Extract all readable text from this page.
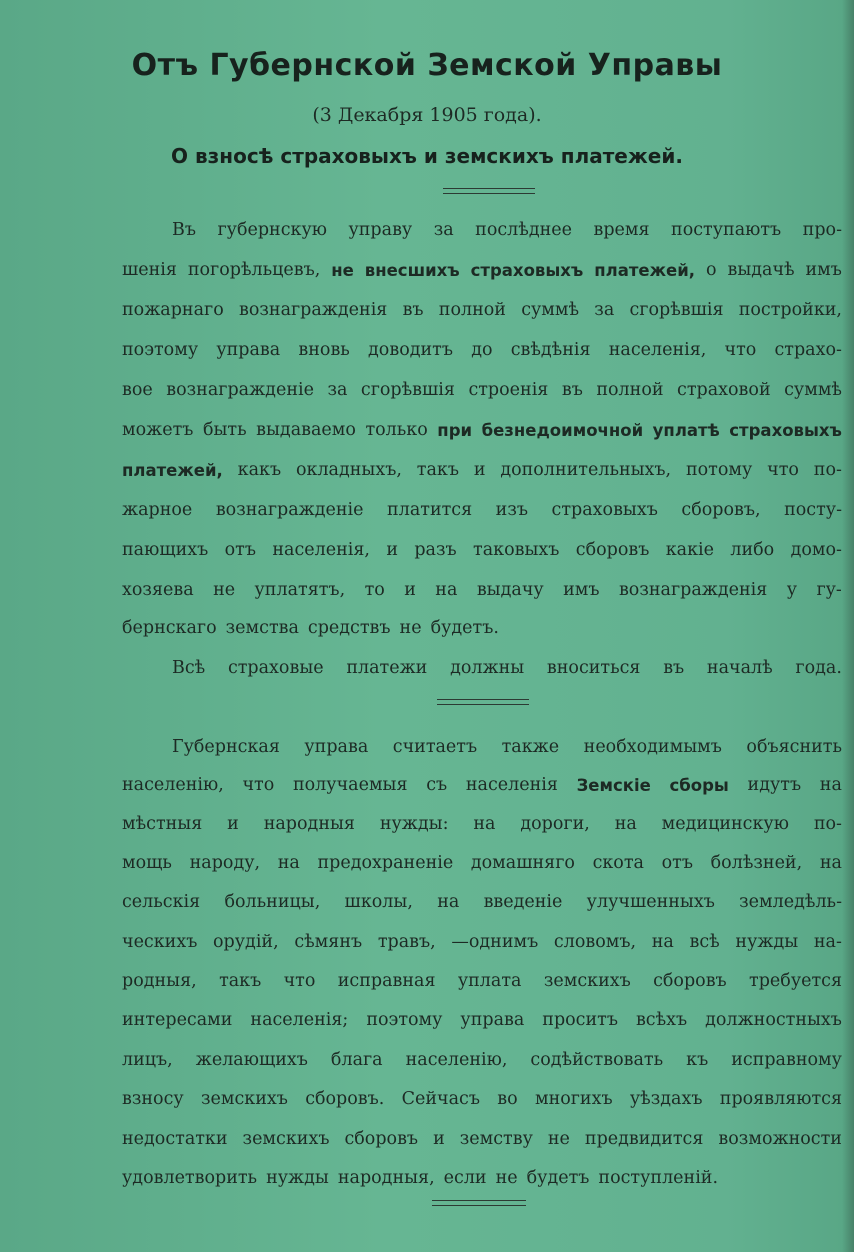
Отъ Губернской Земской Управы
(3 Декабря 1905 года).
О взносѣ страховыхъ и земскихъ платежей.
Въ губернскую управу за послѣднее время поступаютъ про-
шенія погорѣльцевъ, не внесшихъ страховыхъ платежей, о выдачѣ имъ
пожарнаго вознагражденія въ полной суммѣ за сгорѣвшія постройки,
поэтому управа вновь доводитъ до свѣдѣнія населенія, что страхо-
вое вознагражденіе за сгорѣвшія строенія въ полной страховой суммѣ
можетъ быть выдаваемо только при безнедоимочной уплатѣ страховыхъ
платежей, какъ окладныхъ, такъ и дополнительныхъ, потому что по-
жарное вознагражденіе платится изъ страховыхъ сборовъ, посту-
пающихъ отъ населенія, и разъ таковыхъ сборовъ какіе либо домо-
хозяева не уплатятъ, то и на выдачу имъ вознагражденія у гу-
бернскаго земства средствъ не будетъ.
Всѣ страховые платежи должны вноситься въ началѣ года.
Губернская управа считаетъ также необходимымъ объяснить
населенію, что получаемыя съ населенія Земскіе сборы идутъ на
мѣстныя и народныя нужды: на дороги, на медицинскую по-
мощь народу, на предохраненіе домашняго скота отъ болѣзней, на
сельскія больницы, школы, на введеніе улучшенныхъ земледѣль-
ческихъ орудій, сѣмянъ травъ, —однимъ словомъ, на всѣ нужды на-
родныя, такъ что исправная уплата земскихъ сборовъ требуется
интересами населенія; поэтому управа проситъ всѣхъ должностныхъ
лицъ, желающихъ блага населенію, содѣйствовать къ исправному
взносу земскихъ сборовъ. Сейчасъ во многихъ уѣздахъ проявляются
недостатки земскихъ сборовъ и земству не предвидится возможности
удовлетворить нужды народныя, если не будетъ поступленій.
